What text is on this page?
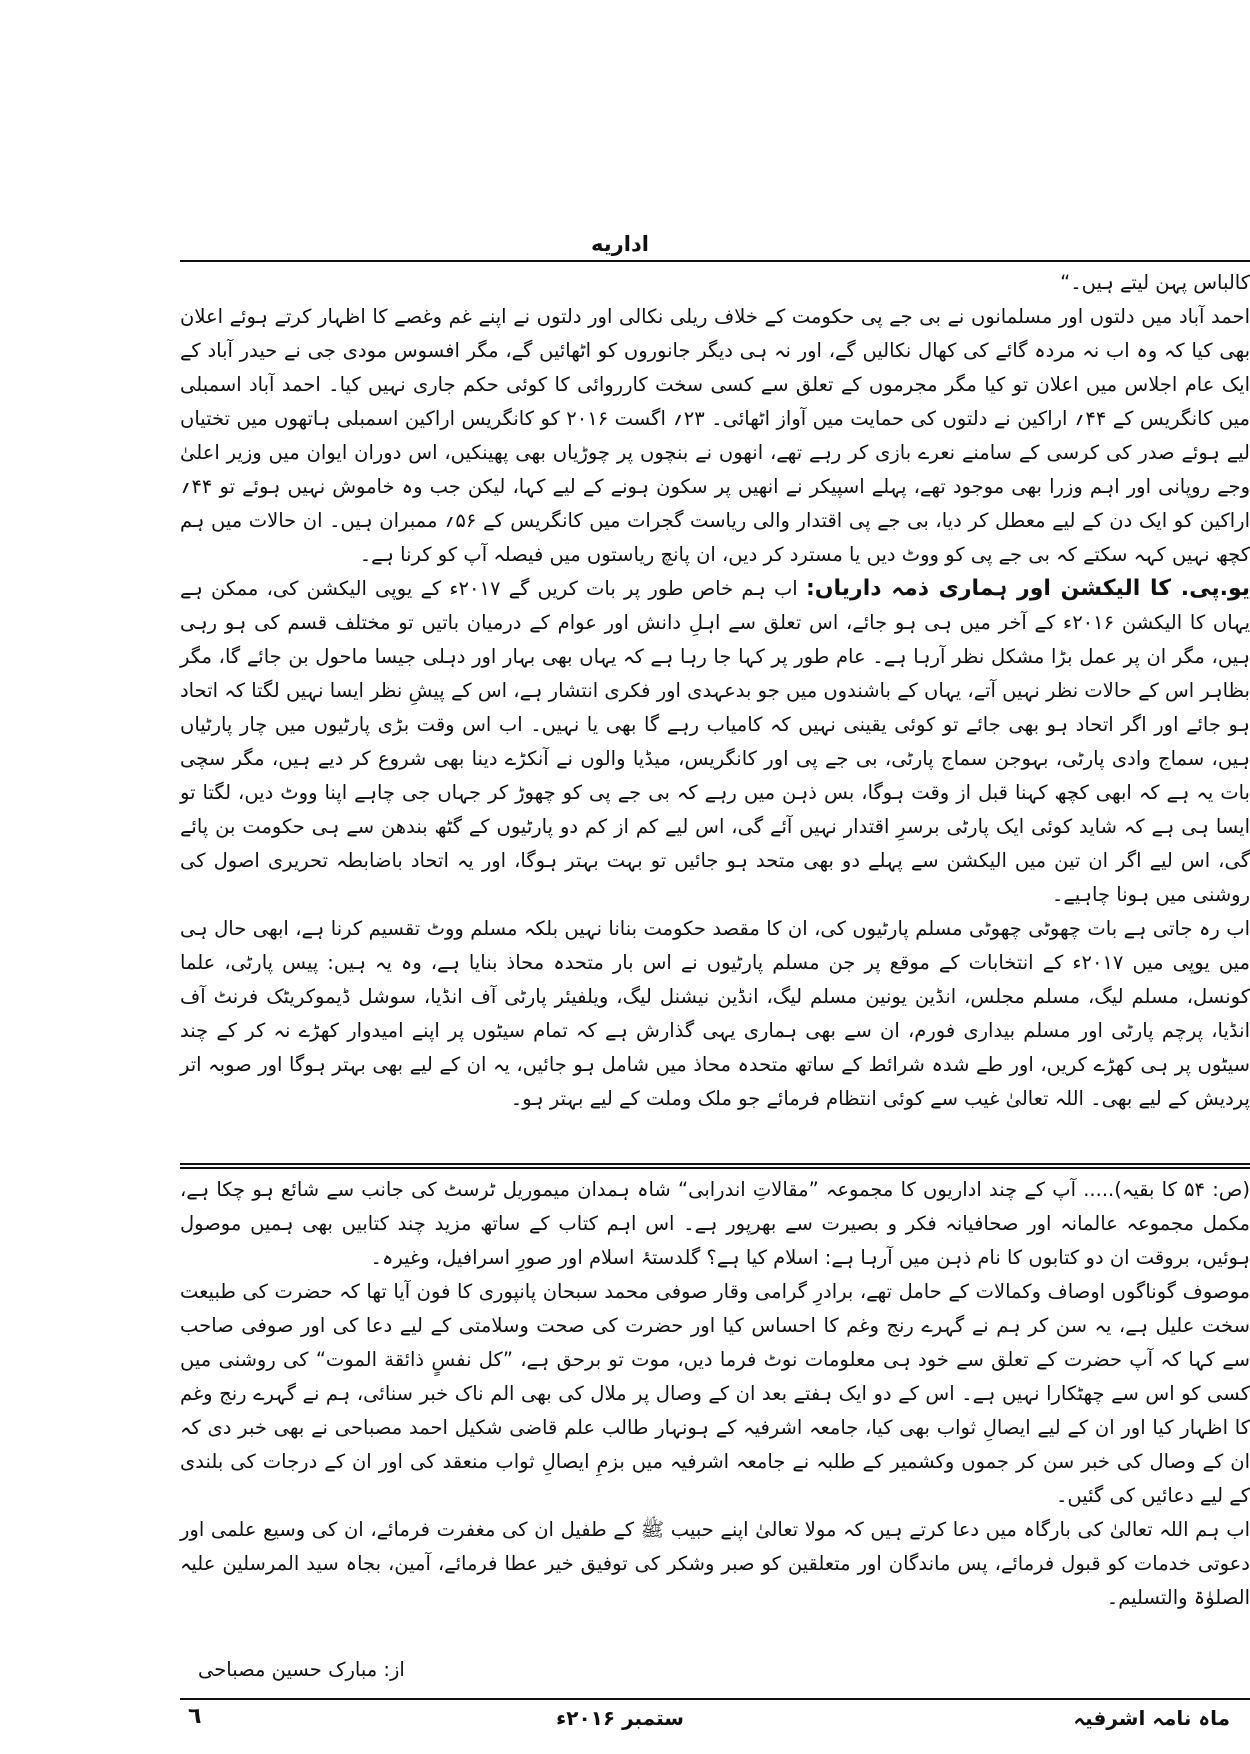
اداریه

کالباس پہن لیتے ہیں۔“

احمد آباد میں دلتوں اور مسلمانوں نے بی جے پی حکومت کے خلاف ریلی نکالی اور دلتوں نے اپنے غم وغصے کا اظہار کرتے ہوئے اعلان بھی کیا کہ وہ اب نہ مردہ گائے کی کھال نکالیں گے، اور نہ ہی دیگر جانوروں کو اٹھائیں گے، مگر افسوس مودی جی نے حیدر آباد کے ایک عام اجلاس میں اعلان تو کیا مگر مجرموں کے تعلق سے کسی سخت کارروائی کا کوئی حکم جاری نہیں کیا۔ احمد آباد اسمبلی میں کانگریس کے ۴۴؍ اراکین نے دلتوں کی حمایت میں آواز اٹھائی۔ ۲۳؍ اگست ۲۰۱۶ کو کانگریس اراکین اسمبلی ہاتھوں میں تختیاں لیے ہوئے صدر کی کرسی کے سامنے نعرے بازی کر رہے تھے، انھوں نے بنچوں پر چوڑیاں بھی پھینکیں، اس دوران ایوان میں وزیر اعلیٰ وجے روپانی اور اہم وزرا بھی موجود تھے، پہلے اسپیکر نے انھیں پر سکون ہونے کے لیے کہا، لیکن جب وہ خاموش نہیں ہوئے تو ۴۴؍ اراکین کو ایک دن کے لیے معطل کر دیا، بی جے پی اقتدار والی ریاست گجرات میں کانگریس کے ۵۶؍ ممبران ہیں۔ ان حالات میں ہم کچھ نہیں کہہ سکتے کہ بی جے پی کو ووٹ دیں یا مسترد کر دیں، ان پانچ ریاستوں میں فیصلہ آپ کو کرنا ہے۔

یو.پی. کا الیکشن اور ہماری ذمہ داریاں: اب ہم خاص طور پر بات کریں گے ۲۰۱۷ء کے یوپی الیکشن کی، ممکن ہے یہاں کا الیکشن ۲۰۱۶ء کے آخر میں ہی ہو جائے، اس تعلق سے اہلِ دانش اور عوام کے درمیان باتیں تو مختلف قسم کی ہو رہی ہیں، مگر ان پر عمل بڑا مشکل نظر آرہا ہے۔ عام طور پر کہا جا رہا ہے کہ یہاں بھی بہار اور دہلی جیسا ماحول بن جائے گا، مگر بظاہر اس کے حالات نظر نہیں آتے، یہاں کے باشندوں میں جو بدعہدی اور فکری انتشار ہے، اس کے پیشِ نظر ایسا نہیں لگتا کہ اتحاد ہو جائے اور اگر اتحاد ہو بھی جائے تو کوئی یقینی نہیں کہ کامیاب رہے گا بھی یا نہیں۔ اب اس وقت بڑی پارٹیوں میں چار پارٹیاں ہیں، سماج وادی پارٹی، بہوجن سماج پارٹی، بی جے پی اور کانگریس، میڈیا والوں نے آنکڑے دینا بھی شروع کر دیے ہیں، مگر سچی بات یہ ہے کہ ابھی کچھ کہنا قبل از وقت ہوگا، بس ذہن میں رہے کہ بی جے پی کو چھوڑ کر جہاں جی چاہے اپنا ووٹ دیں، لگتا تو ایسا ہی ہے کہ شاید کوئی ایک پارٹی برسرِ اقتدار نہیں آئے گی، اس لیے کم از کم دو پارٹیوں کے گٹھ بندھن سے ہی حکومت بن پائے گی، اس لیے اگر ان تین میں الیکشن سے پہلے دو بھی متحد ہو جائیں تو بہت بہتر ہوگا، اور یہ اتحاد باضابطہ تحریری اصول کی روشنی میں ہونا چاہیے۔

اب رہ جاتی ہے بات چھوٹی چھوٹی مسلم پارٹیوں کی، ان کا مقصد حکومت بنانا نہیں بلکہ مسلم ووٹ تقسیم کرنا ہے، ابھی حال ہی میں یوپی میں ۲۰۱۷ء کے انتخابات کے موقع پر جن مسلم پارٹیوں نے اس بار متحدہ محاذ بنایا ہے، وہ یہ ہیں: پیس پارٹی، علما کونسل، مسلم لیگ، مسلم مجلس، انڈین یونین مسلم لیگ، انڈین نیشنل لیگ، ویلفیئر پارٹی آف انڈیا، سوشل ڈیموکریٹک فرنٹ آف انڈیا، پرچم پارٹی اور مسلم بیداری فورم، ان سے بھی ہماری یہی گذارش ہے کہ تمام سیٹوں پر اپنے امیدوار کھڑے نہ کر کے چند سیٹوں پر ہی کھڑے کریں، اور طے شدہ شرائط کے ساتھ متحدہ محاذ میں شامل ہو جائیں، یہ ان کے لیے بھی بہتر ہوگا اور صوبہ اتر پردیش کے لیے بھی۔ اللہ تعالیٰ غیب سے کوئی انتظام فرمائے جو ملک وملت کے لیے بہتر ہو۔

(ص: ۵۴ کا بقیہ)..... آپ کے چند اداریوں کا مجموعہ ”مقالاتِ اندرابی“ شاہ ہمدان میموریل ٹرسٹ کی جانب سے شائع ہو چکا ہے، مکمل مجموعہ عالمانہ اور صحافیانہ فکر و بصیرت سے بھرپور ہے۔ اس اہم کتاب کے ساتھ مزید چند کتابیں بھی ہمیں موصول ہوئیں، بروقت ان دو کتابوں کا نام ذہن میں آرہا ہے: اسلام کیا ہے؟ گلدستۂ اسلام اور صورِ اسرافیل، وغیرہ۔

موصوف گوناگوں اوصاف وکمالات کے حامل تھے، برادرِ گرامی وقار صوفی محمد سبحان پانپوری کا فون آیا تھا کہ حضرت کی طبیعت سخت علیل ہے، یہ سن کر ہم نے گہرے رنج وغم کا احساس کیا اور حضرت کی صحت وسلامتی کے لیے دعا کی اور صوفی صاحب سے کہا کہ آپ حضرت کے تعلق سے خود ہی معلومات نوٹ فرما دیں، موت تو برحق ہے، ”كل نفسٍ ذائقة الموت“ کی روشنی میں کسی کو اس سے چھٹکارا نہیں ہے۔ اس کے دو ایک ہفتے بعد ان کے وصال پر ملال کی بھی الم ناک خبر سنائی، ہم نے گہرے رنج وغم کا اظہار کیا اور ان کے لیے ایصالِ ثواب بھی کیا، جامعہ اشرفیہ کے ہونہار طالب علم قاضی شکیل احمد مصباحی نے بھی خبر دی کہ ان کے وصال کی خبر سن کر جموں وکشمیر کے طلبہ نے جامعہ اشرفیہ میں بزمِ ایصالِ ثواب منعقد کی اور ان کے درجات کی بلندی کے لیے دعائیں کی گئیں۔

اب ہم اللہ تعالیٰ کی بارگاہ میں دعا کرتے ہیں کہ مولا تعالیٰ اپنے حبیب ﷺ کے طفیل ان کی مغفرت فرمائے، ان کی وسیع علمی اور دعوتی خدمات کو قبول فرمائے، پس ماندگان اور متعلقین کو صبر وشکر کی توفیق خیر عطا فرمائے، آمین، بجاہ سید المرسلین علیہ الصلوٰۃ والتسلیم۔

از: مبارک حسین مصباحی
ماہ نامہ اشرفیہ
ستمبر ۲۰۱۶ء
٦
